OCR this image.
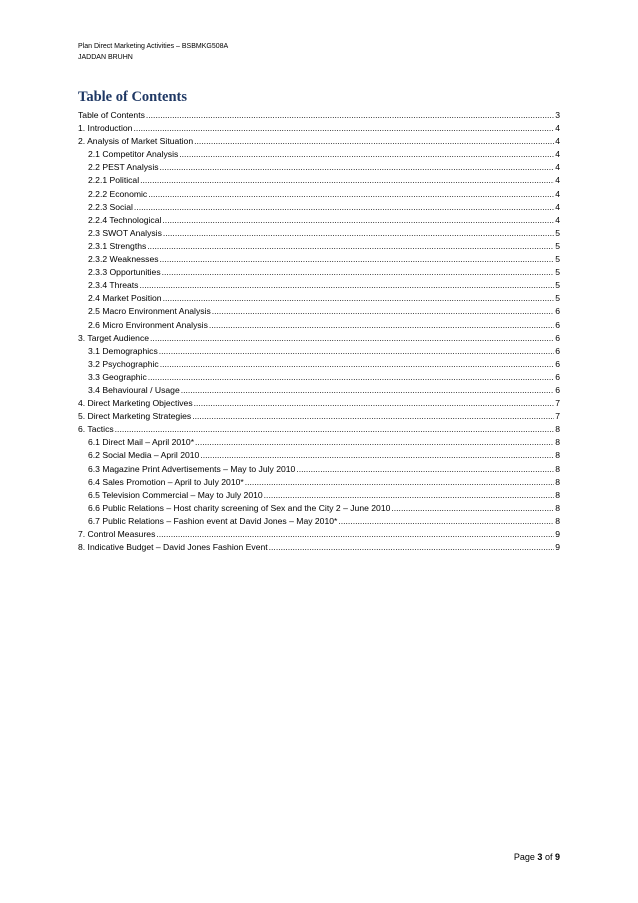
Plan Direct Marketing Activities – BSBMKG508A
JADDAN BRUHN
Table of Contents
Table of Contents .....	3
1. Introduction .....	4
2. Analysis of Market Situation .....	4
2.1 Competitor Analysis .....	4
2.2 PEST Analysis .....	4
2.2.1 Political .....	4
2.2.2 Economic .....	4
2.2.3 Social .....	4
2.2.4 Technological .....	4
2.3 SWOT Analysis .....	5
2.3.1 Strengths .....	5
2.3.2 Weaknesses .....	5
2.3.3 Opportunities .....	5
2.3.4 Threats .....	5
2.4 Market Position .....	5
2.5 Macro Environment Analysis .....	6
2.6 Micro Environment Analysis .....	6
3. Target Audience .....	6
3.1 Demographics .....	6
3.2 Psychographic .....	6
3.3 Geographic .....	6
3.4 Behavioural / Usage .....	6
4. Direct Marketing Objectives .....	7
5. Direct Marketing Strategies .....	7
6. Tactics .....	8
6.1 Direct Mail – April 2010* .....	8
6.2 Social Media – April 2010 .....	8
6.3 Magazine Print Advertisements – May to July 2010 .....	8
6.4 Sales Promotion – April to July 2010* .....	8
6.5 Television Commercial – May to July 2010 .....	8
6.6 Public Relations – Host charity screening of Sex and the City 2 – June 2010 .....	8
6.7 Public Relations – Fashion event at David Jones – May 2010* .....	8
7. Control Measures .....	9
8. Indicative Budget – David Jones Fashion Event .....	9
Page 3 of 9
